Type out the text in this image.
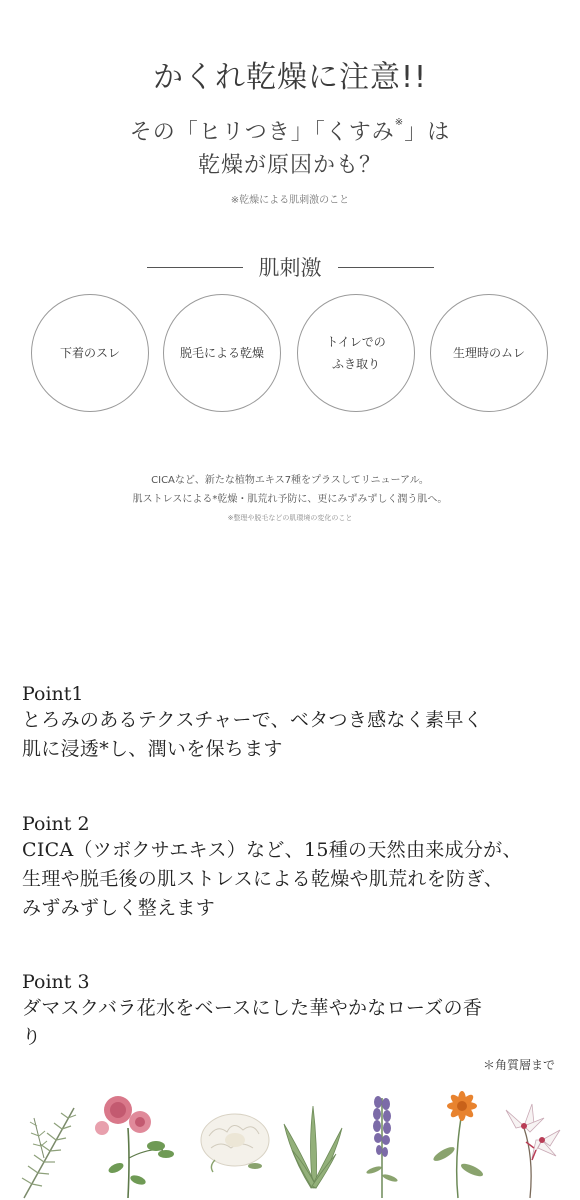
かくれ乾燥に注意!!
その「ヒリつき」「くすみ※」は
乾燥が原因かも？
※乾燥による肌刺激のこと
肌刺激
下着のスレ	脱毛による乾燥
トイレでの
ふき取り
生理時のムレ
CICAなど、新たな植物エキス7種をプラスしてリニューアル。
肌ストレスによる*乾燥・肌荒れ予防に、更にみずみずしく潤う肌へ。
※整理や脱毛などの肌環境の変化のこと
Point1
とろみのあるテクスチャーで、ベタつき感なく素早く
肌に浸透*し、潤いを保ちます
Point 2
CICA（ツボクサエキス）など、15種の天然由来成分が、
生理や脱毛後の肌ストレスによる乾燥や肌荒れを防ぎ、
みずみずしく整えます
Point 3
ダマスクバラ花水をベースにした華やかなローズの香
り
＊角質層まで
